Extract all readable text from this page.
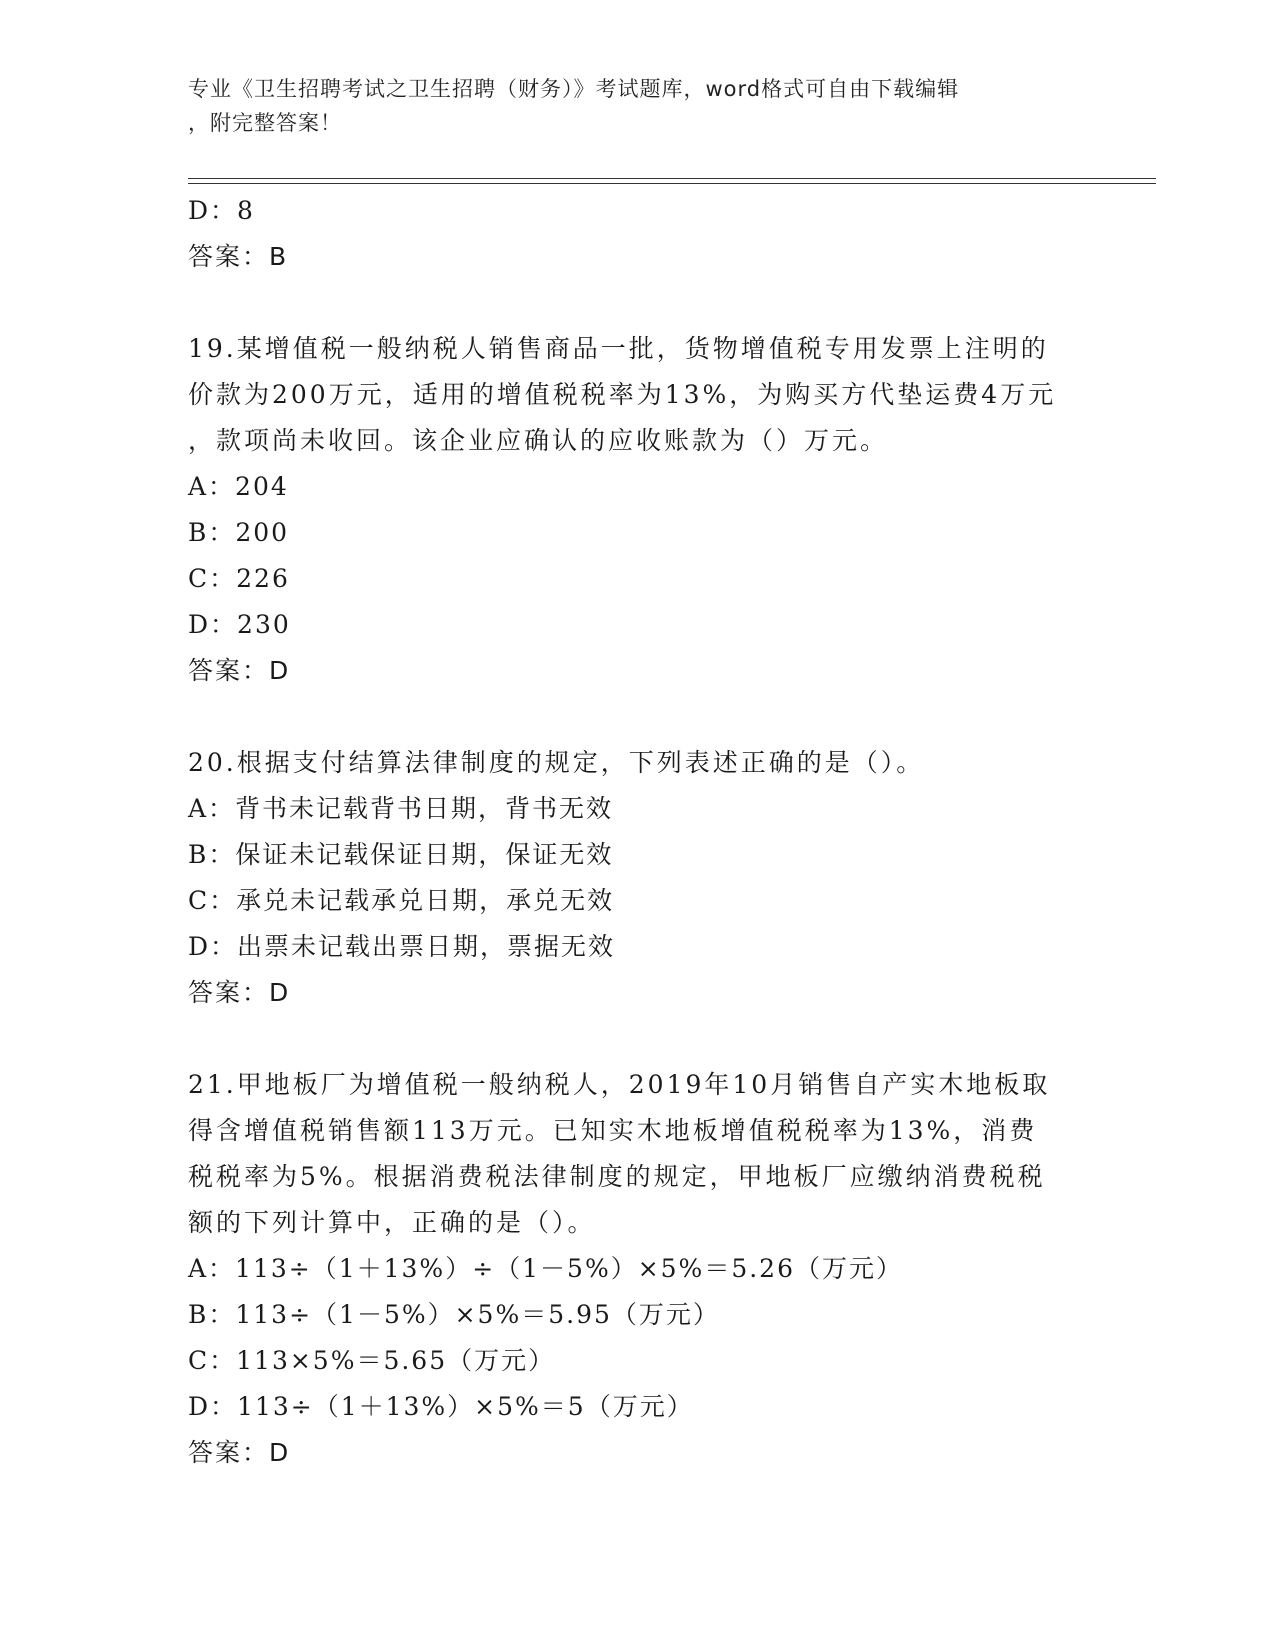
专业《卫生招聘考试之卫生招聘（财务）》考试题库，word格式可自由下载编辑
，附完整答案！
D：8
答案：B
19.某增值税一般纳税人销售商品一批，货物增值税专用发票上注明的
价款为200万元，适用的增值税税率为13%，为购买方代垫运费4万元
，款项尚未收回。该企业应确认的应收账款为（）万元。
A：204
B：200
C：226
D：230
答案：D
20.根据支付结算法律制度的规定，下列表述正确的是（）。
A：背书未记载背书日期，背书无效
B：保证未记载保证日期，保证无效
C：承兑未记载承兑日期，承兑无效
D：出票未记载出票日期，票据无效
答案：D
21.甲地板厂为增值税一般纳税人，2019年10月销售自产实木地板取
得含增值税销售额113万元。已知实木地板增值税税率为13%，消费
税税率为5%。根据消费税法律制度的规定，甲地板厂应缴纳消费税税
额的下列计算中，正确的是（）。
A：113÷（1＋13%）÷（1－5%）×5%＝5.26（万元）
B：113÷（1－5%）×5%＝5.95（万元）
C：113×5%＝5.65（万元）
D：113÷（1＋13%）×5%＝5（万元）
答案：D
